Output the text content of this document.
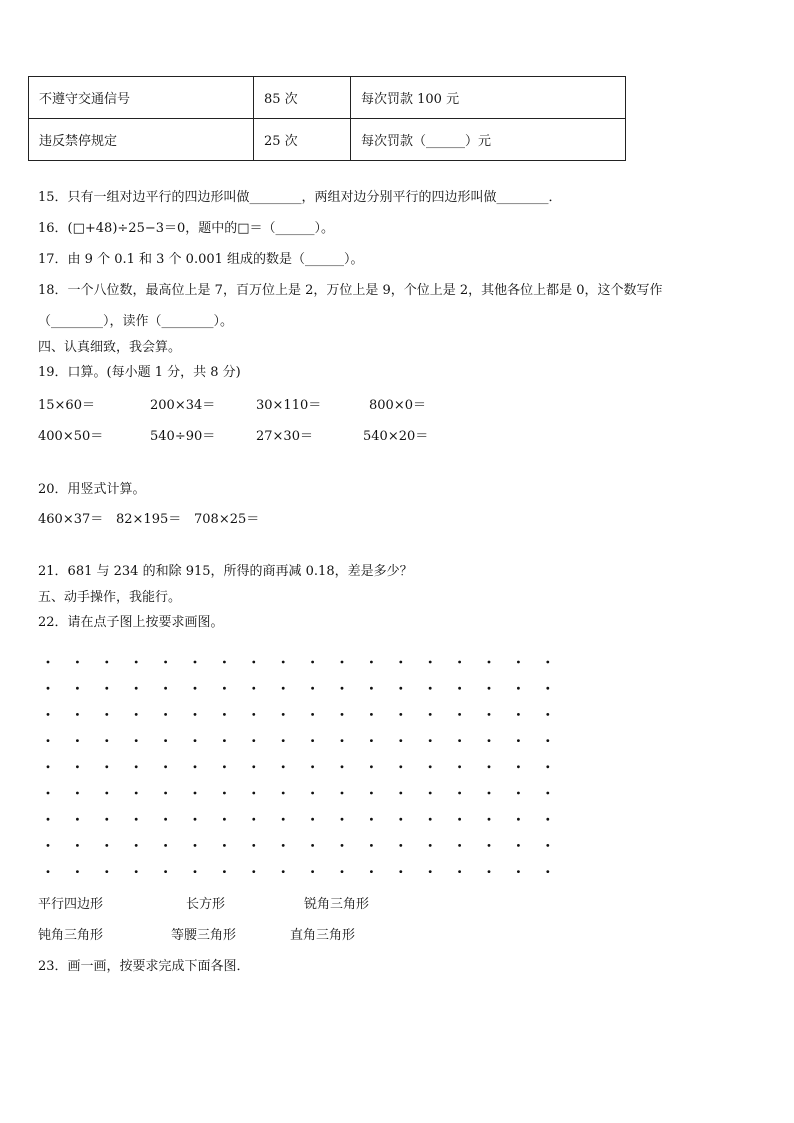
不遵守交通信号	85 次	每次罚款 100 元
违反禁停规定	25 次	每次罚款（______）元
15．只有一组对边平行的四边形叫做________，两组对边分别平行的四边形叫做________．
16．(□+48)÷25−3＝0，题中的□＝（______）。
17．由 9 个 0.1 和 3 个 0.001 组成的数是（______）。
18．一个八位数，最高位上是 7，百万位上是 2，万位上是 9，个位上是 2，其他各位上都是 0，这个数写作
（________），读作（________）。
四、认真细致，我会算。
19．口算。(每小题 1 分，共 8 分)
15×60＝	200×34＝	30×110＝	800×0＝
400×50＝	540÷90＝	27×30＝	540×20＝
20．用竖式计算。
460×37＝ 82×195＝ 708×25＝
21．681 与 234 的和除 915，所得的商再减 0.18，差是多少？
五、动手操作，我能行。
22．请在点子图上按要求画图。
平行四边形	长方形	锐角三角形
钝角三角形	等腰三角形	直角三角形
23．画一画，按要求完成下面各图．
